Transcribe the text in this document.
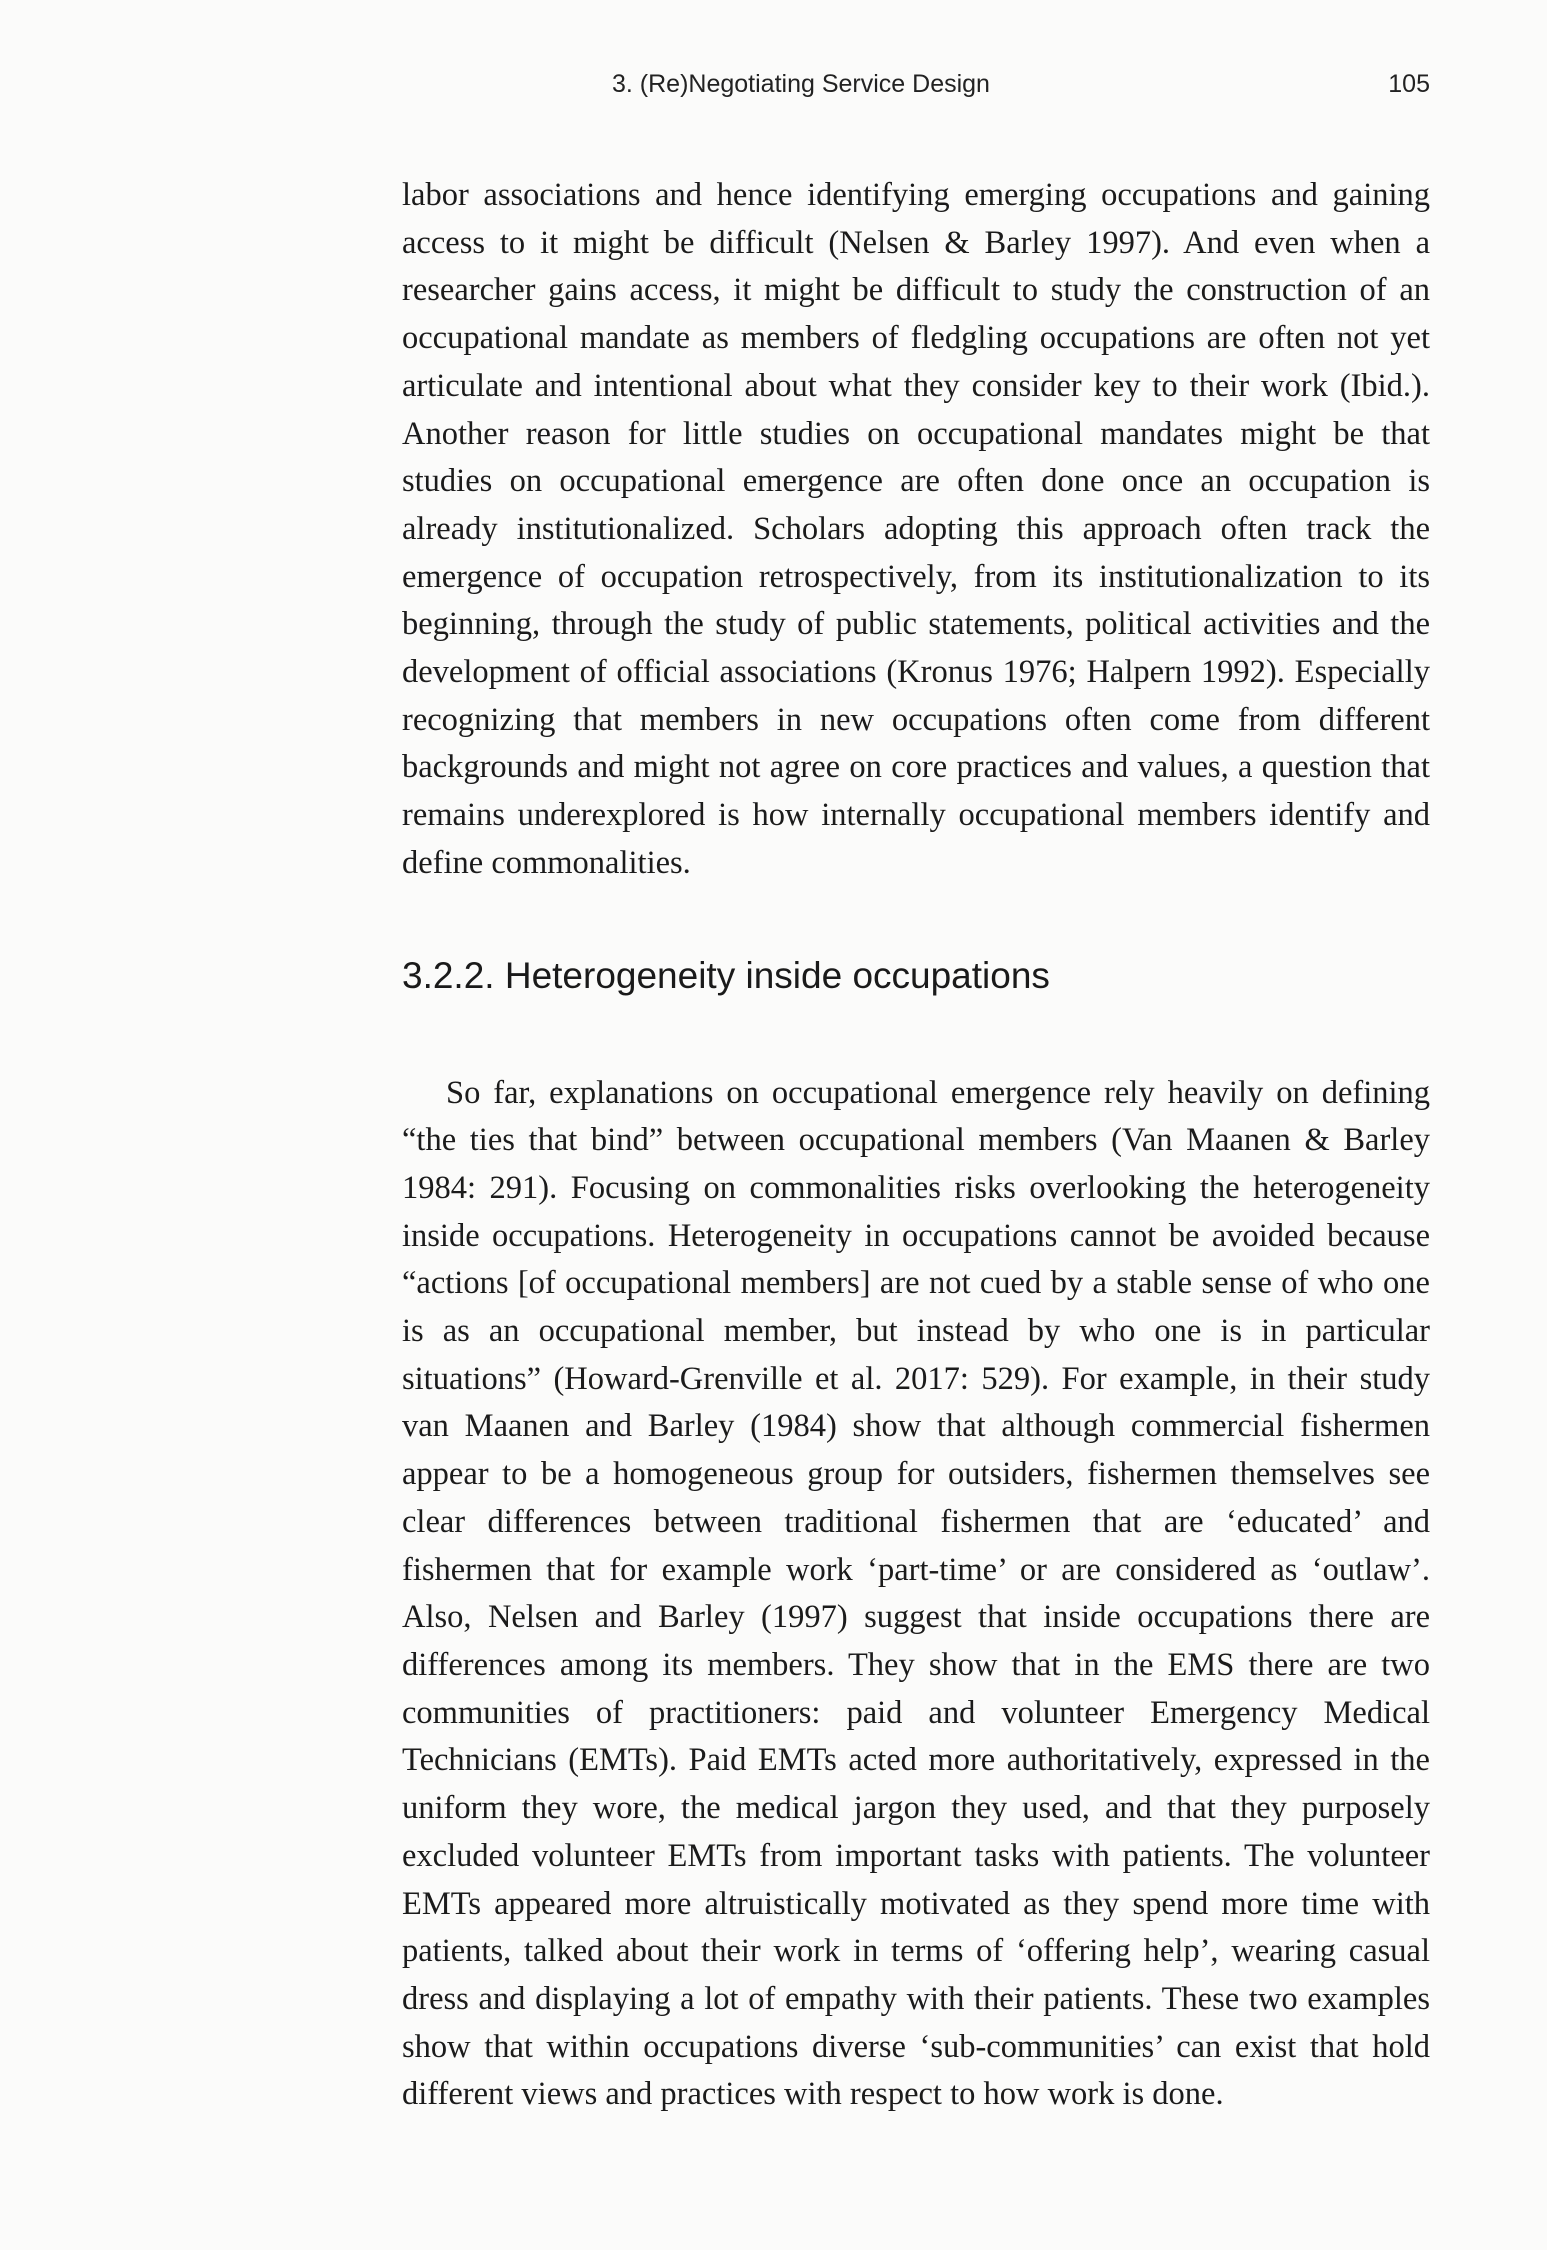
3. (Re)Negotiating Service Design	105

labor associations and hence identifying emerging occupations and gaining access to it might be difficult (Nelsen & Barley 1997). And even when a researcher gains access, it might be difficult to study the construction of an occupational mandate as members of fledgling occupations are often not yet articulate and intentional about what they consider key to their work (Ibid.). Another reason for little studies on occupational mandates might be that studies on occupational emergence are often done once an occupation is already institutionalized. Scholars adopting this approach often track the emergence of occupation retrospectively, from its institutionalization to its beginning, through the study of public statements, political activities and the development of official associations (Kronus 1976; Halpern 1992). Especially recognizing that members in new occupations often come from different backgrounds and might not agree on core practices and values, a question that remains underexplored is how internally occupational members identify and define commonalities.

3.2.2. Heterogeneity inside occupations

So far, explanations on occupational emergence rely heavily on defining “the ties that bind” between occupational members (Van Maanen & Barley 1984: 291). Focusing on commonalities risks overlooking the heterogeneity inside occupations. Heterogeneity in occupations cannot be avoided because “actions [of occupational members] are not cued by a stable sense of who one is as an occupational member, but instead by who one is in particular situations” (Howard-Grenville et al. 2017: 529). For example, in their study van Maanen and Barley (1984) show that although commercial fishermen appear to be a homogeneous group for outsiders, fishermen themselves see clear differences between traditional fishermen that are ‘educated’ and fishermen that for example work ‘part-time’ or are considered as ‘outlaw’. Also, Nelsen and Barley (1997) suggest that inside occupations there are differences among its members. They show that in the EMS there are two communities of practitioners: paid and volunteer Emergency Medical Technicians (EMTs). Paid EMTs acted more authoritatively, expressed in the uniform they wore, the medical jargon they used, and that they purposely excluded volunteer EMTs from important tasks with patients. The volunteer EMTs appeared more altruistically motivated as they spend more time with patients, talked about their work in terms of ‘offering help’, wearing casual dress and displaying a lot of empathy with their patients. These two examples show that within occupations diverse ‘sub-communities’ can exist that hold different views and practices with respect to how work is done.
